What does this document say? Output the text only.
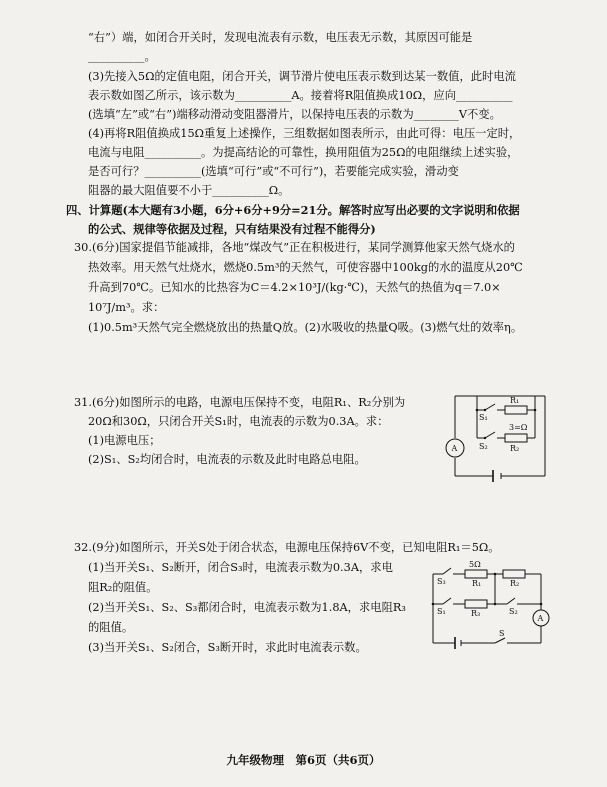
“右”）端，如闭合开关时，发现电流表有示数，电压表无示数，其原因可能是
__________。
(3)先接入5Ω的定值电阻，闭合开关，调节滑片使电压表示数到达某一数值，此时电流
表示数如图乙所示，该示数为__________A。接着将R阻值换成10Ω，应向__________
(选填“左”或“右”)端移动滑动变阻器滑片，以保持电压表的示数为________V不变。
(4)再将R阻值换成15Ω重复上述操作，三组数据如图表所示，由此可得：电压一定时，
电流与电阻__________。为提高结论的可靠性，换用阻值为25Ω的电阻继续上述实验，
是否可行？__________(选填“可行”或“不可行”)，若要能完成实验，滑动变
阻器的最大阻值要不小于__________Ω。
四、计算题(本大题有3小题，6分+6分+9分=21分。解答时应写出必要的文字说明和依据
的公式、规律等依据及过程，只有结果没有过程不能得分)
30.(6分)国家提倡节能减排，各地“煤改气”正在积极进行，某同学测算他家天然气烧水的
热效率。用天然气灶烧水，燃烧0.5m³的天然气，可使容器中100kg的水的温度从20℃
升高到70℃。已知水的比热容为C＝4.2×10³J/(kg·℃)，天然气的热值为q＝7.0×
10⁷J/m³。求：
(1)0.5m³天然气完全燃烧放出的热量Q放。(2)水吸收的热量Q吸。(3)燃气灶的效率η。
31.(6分)如图所示的电路，电源电压保持不变，电阻R₁、R₂分别为
20Ω和30Ω，只闭合开关S₁时，电流表的示数为0.3A。求：
(1)电源电压；
(2)S₁、S₂均闭合时，电流表的示数及此时电路总电阻。
S₁
R₁
3=Ω
S₂	R₂
A
32.(9分)如图所示，开关S处于闭合状态，电源电压保持6V不变，已知电阻R₁＝5Ω。
(1)当开关S₁、S₂断开，闭合S₃时，电流表示数为0.3A，求电
阻R₂的阻值。
(2)当开关S₁、S₂、S₃都闭合时，电流表示数为1.8A，求电阻R₃
的阻值。
(3)当开关S₁、S₂闭合，S₃断开时，求此时电流表示数。
S₃
5Ω
R₁	R₂
S₁	R₃	S₂
S
A
九年级物理　第6页（共6页）
